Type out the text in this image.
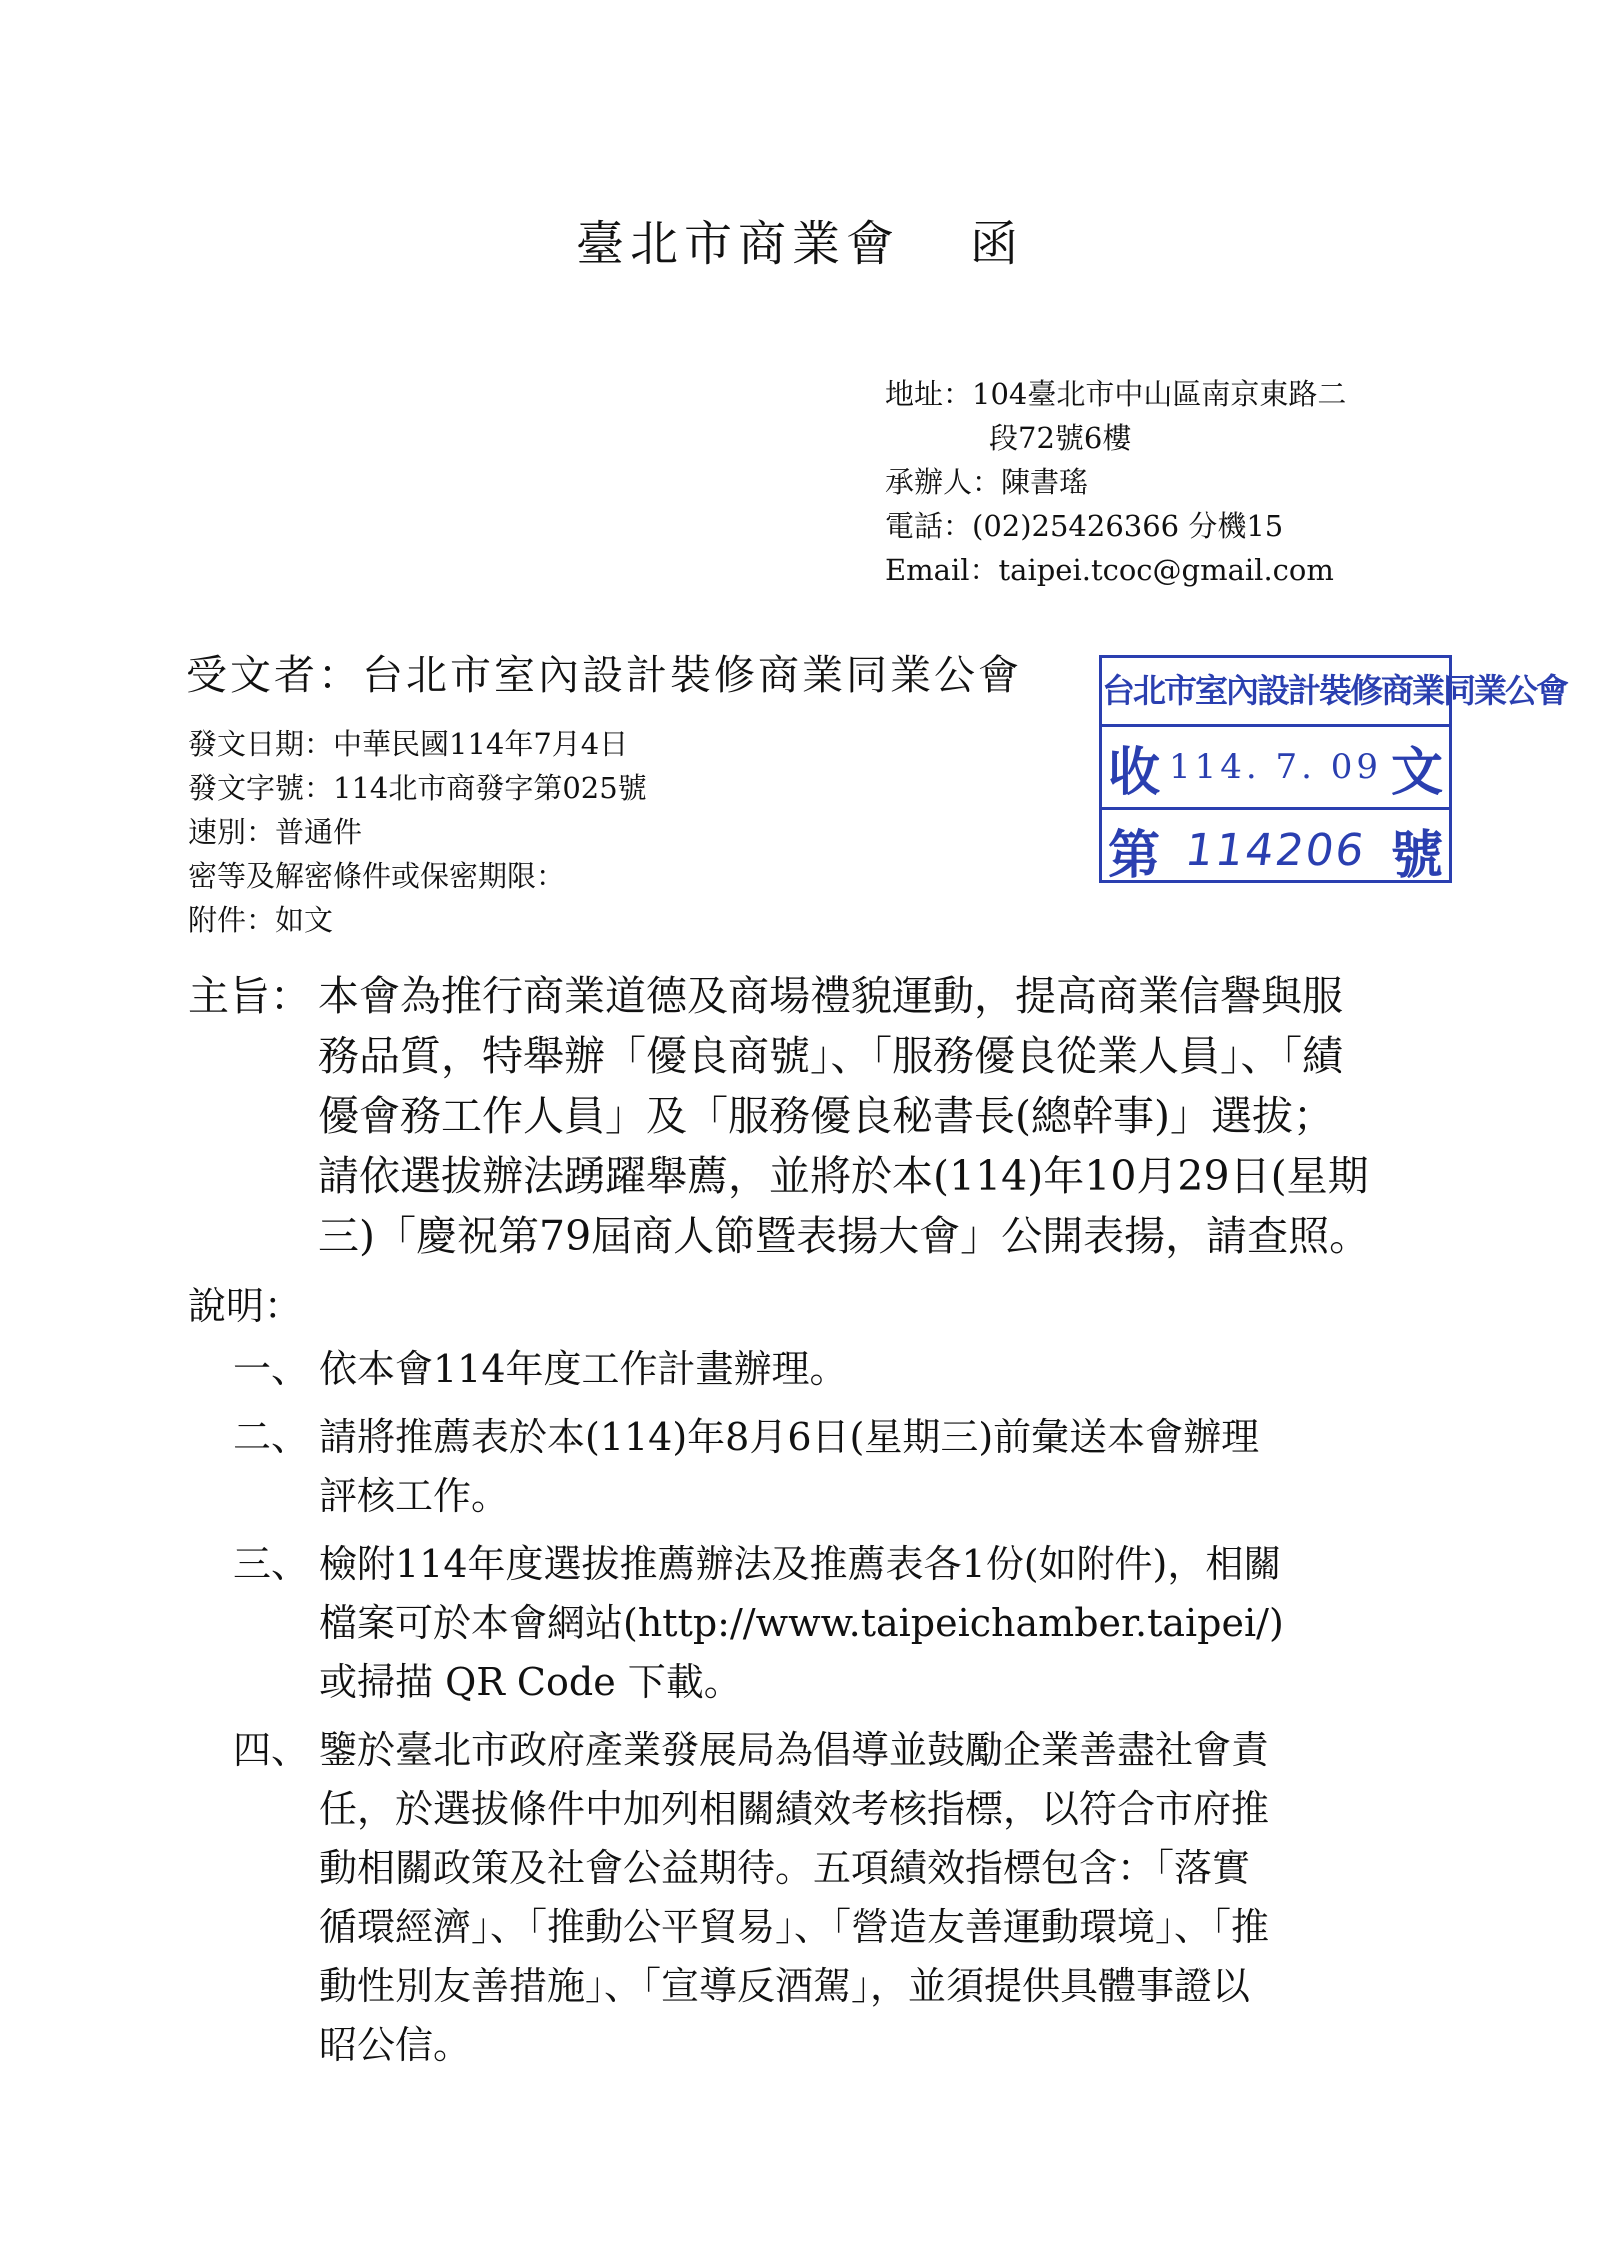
臺北市商業會 函
地址：104臺北市中山區南京東路二
段72號6樓
承辦人：陳書瑤
電話：(02)25426366 分機15
Email：taipei.tcoc@gmail.com
受文者：台北市室內設計裝修商業同業公會 台北市室內設計裝修商業同業公會
收 114. 7. 09 文
第 114206 號
發文日期：中華民國114年7月4日
發文字號：114北市商發字第025號
速別：普通件
密等及解密條件或保密期限：
附件：如文
主旨： 本會為推行商業道德及商場禮貌運動，提高商業信譽與服
務品質，特舉辦「優良商號」、「服務優良從業人員」、「績
優會務工作人員」及「服務優良秘書長(總幹事)」選拔；
請依選拔辦法踴躍舉薦，並將於本(114)年10月29日(星期
三)「慶祝第79屆商人節暨表揚大會」公開表揚，請查照。
說明：
一、 依本會114年度工作計畫辦理。
二、 請將推薦表於本(114)年8月6日(星期三)前彙送本會辦理
評核工作。
三、 檢附114年度選拔推薦辦法及推薦表各1份(如附件)，相關
檔案可於本會網站(http://www.taipeichamber.taipei/)
或掃描 QR Code 下載。
四、 鑒於臺北市政府產業發展局為倡導並鼓勵企業善盡社會責
任，於選拔條件中加列相關績效考核指標，以符合市府推
動相關政策及社會公益期待。五項績效指標包含：「落實
循環經濟」、「推動公平貿易」、「營造友善運動環境」、「推
動性別友善措施」、「宣導反酒駕」，並須提供具體事證以
昭公信。
